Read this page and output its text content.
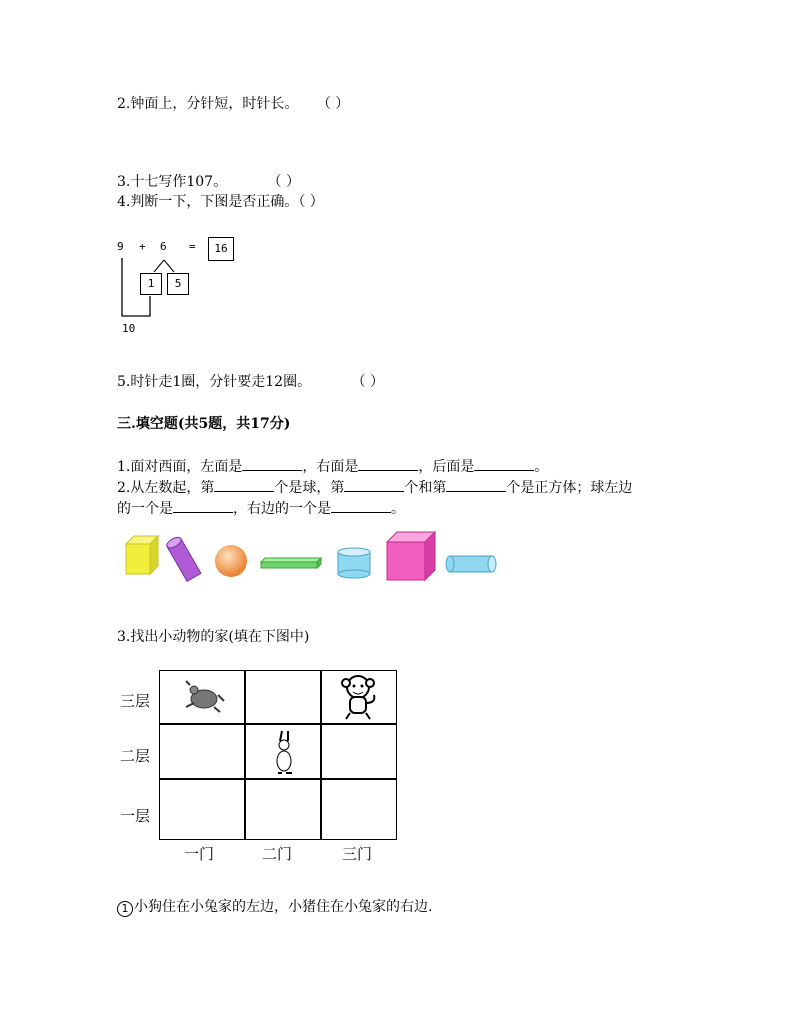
2.钟面上，分针短，时针长。 （ ）
3.十七写作107。	（ ）
4.判断一下，下图是否正确。（ ）
9 + 6 =	16
1	5
10
5.时针走1圈，分针要走12圈。	（ ）
三.填空题(共5题，共17分)
1.面对西面，左面是	，右面是	，后面是	。
2.从左数起，第	个是球，第	个和第	个是正方体；球左边
的一个是	，右边的一个是	。
3.找出小动物的家(填在下图中)
三层
二层
一层
一门	二门	三门
1 小狗住在小兔家的左边，小猪住在小兔家的右边.
